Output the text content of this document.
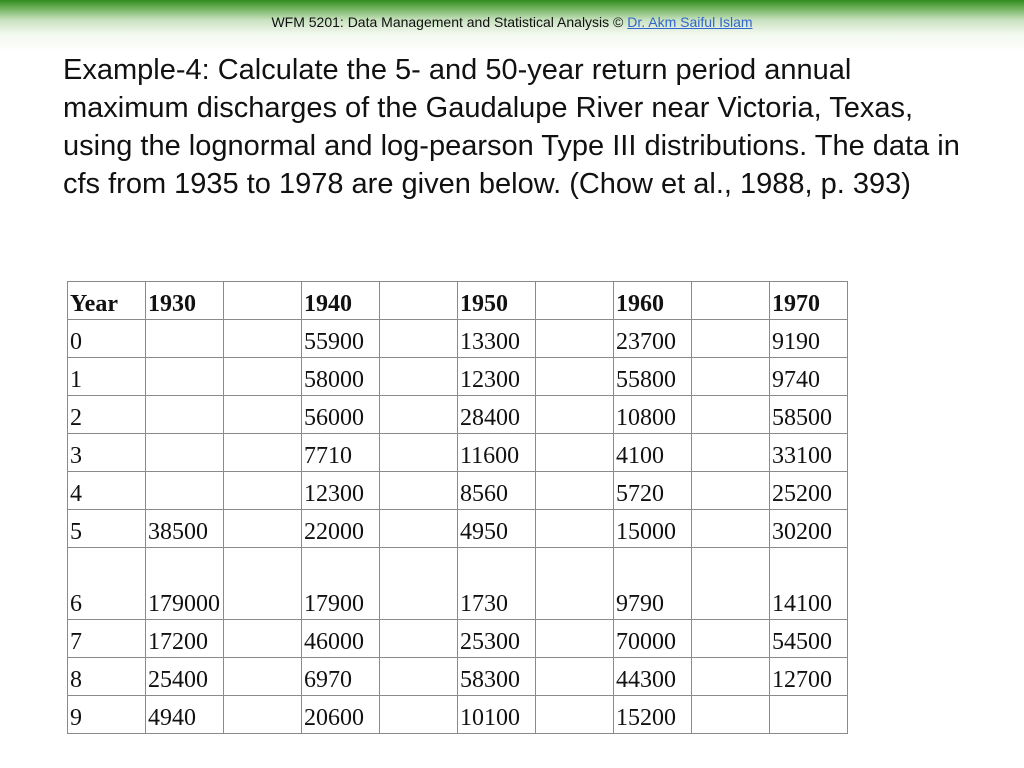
WFM 5201: Data Management and Statistical Analysis © Dr. Akm Saiful Islam

Example-4: Calculate the 5- and 50-year return period annual maximum discharges of the Gaudalupe River near Victoria, Texas, using the lognormal and log-pearson Type III distributions. The data in cfs from 1935 to 1978 are given below. (Chow et al., 1988, p. 393)

Year	1930		1940		1950		1960		1970
0			55900		13300		23700		9190
1			58000		12300		55800		9740
2			56000		28400		10800		58500
3			7710		11600		4100		33100
4			12300		8560		5720		25200
5	38500		22000		4950		15000		30200
6	179000		17900		1730		9790		14100
7	17200		46000		25300		70000		54500
8	25400		6970		58300		44300		12700
9	4940		20600		10100		15200		
